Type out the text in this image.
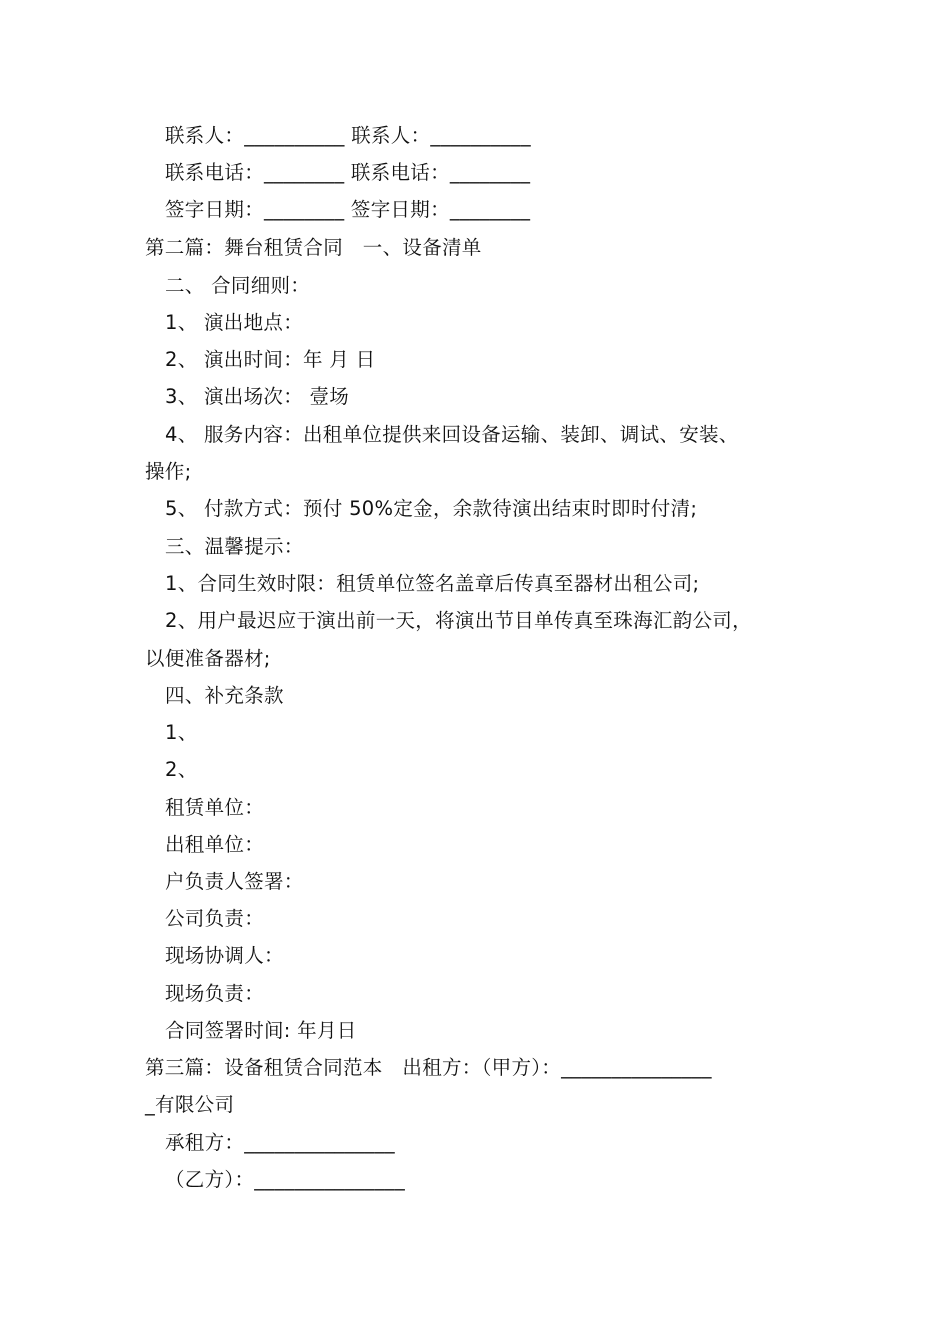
联系人：__________ 联系人：__________
联系电话：________ 联系电话：________
签字日期：________ 签字日期：________
第二篇：舞台租赁合同　一、设备清单
二、 合同细则：
1、 演出地点：
2、 演出时间：年 月 日
3、 演出场次： 壹场
4、 服务内容：出租单位提供来回设备运输、装卸、调试、安装、
操作;
5、 付款方式：预付 50%定金，余款待演出结束时即时付清;
三、温馨提示：
1、合同生效时限：租赁单位签名盖章后传真至器材出租公司;
2、用户最迟应于演出前一天，将演出节目单传真至珠海汇韵公司，
以便准备器材;
四、补充条款
1、
2、
租赁单位：
出租单位：
户负责人签署：
公司负责：
现场协调人：
现场负责：
合同签署时间: 年月日
第三篇：设备租赁合同范本　出租方：（甲方）：_______________
_有限公司
承租方：_______________
（乙方）：_______________
